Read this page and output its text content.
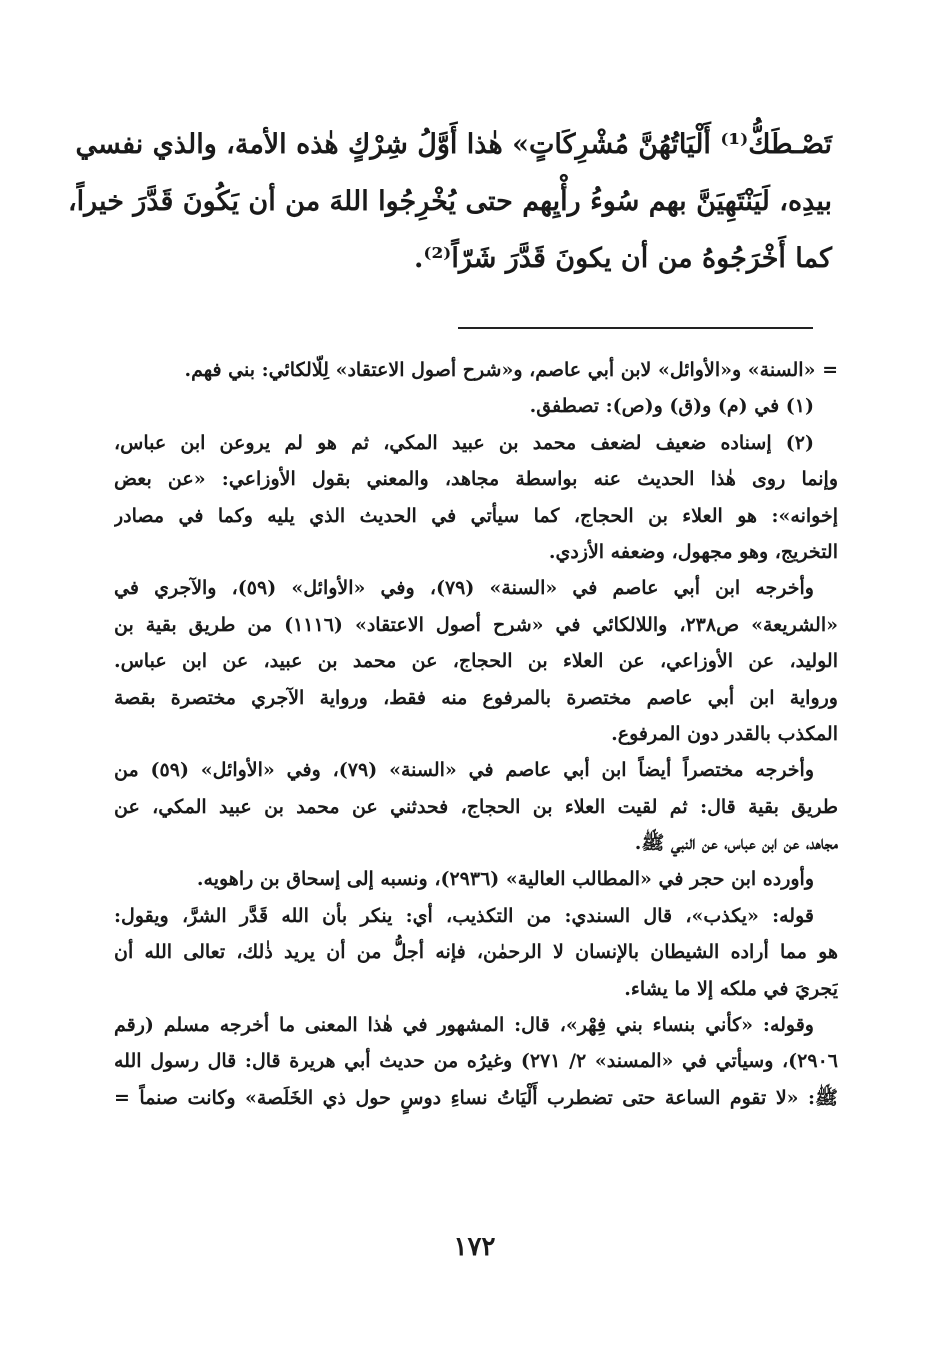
تَصْـطَكُّ⁽¹⁾ أَلْيَاتُهُنَّ مُشْرِكَاتٍ» هٰذا أَوَّلُ شِرْكٍ هٰذه الأمة، والذي نفسي
بيدِه، لَيَنْتَهِيَنَّ بهم سُوءُ رأْيِهم حتى يُخْرِجُوا اللهَ من أن يَكُونَ قَدَّرَ خيراً،
كما أَخْرَجُوهُ من أن يكونَ قَدَّرَ شَرّاً⁽²⁾.
= «السنة» و«الأوائل» لابن أبي عاصم، و«شرح أصول الاعتقاد» لِلّالكائي: بني فهم.
(١) في (م) و(ق) و(ص): تصطفق.
(٢) إسناده ضعيف لضعف محمد بن عبيد المكي، ثم هو لم يروعن ابن عباس،
وإنما روى هٰذا الحديث عنه بواسطة مجاهد، والمعني بقول الأوزاعي: «عن بعض
إخوانه»: هو العلاء بن الحجاج، كما سيأتي في الحديث الذي يليه وكما في مصادر
التخريج، وهو مجهول، وضعفه الأزدي.
وأخرجه ابن أبي عاصم في «السنة» (٧٩)، وفي «الأوائل» (٥٩)، والآجري في
«الشريعة» ص٢٣٨، واللالكائي في «شرح أصول الاعتقاد» (١١١٦) من طريق بقية بن
الوليد، عن الأوزاعي، عن العلاء بن الحجاج، عن محمد بن عبيد، عن ابن عباس.
ورواية ابن أبي عاصم مختصرة بالمرفوع منه فقط، ورواية الآجري مختصرة بقصة
المكذب بالقدر دون المرفوع.
وأخرجه مختصراً أيضاً ابن أبي عاصم في «السنة» (٧٩)، وفي «الأوائل» (٥٩) من
طريق بقية قال: ثم لقيت العلاء بن الحجاج، فحدثني عن محمد بن عبيد المكي، عن
مجاهد، عن ابن عباس، عن النبي ﷺ.
وأورده ابن حجر في «المطالب العالية» (٢٩٣٦)، ونسبه إلى إسحاق بن راهويه.
قوله: «يكذب»، قال السندي: من التكذيب، أي: ينكر بأن الله قَدَّر الشرَّ، ويقول:
هو مما أراده الشيطان بالإنسان لا الرحمٰن، فإنه أجلُّ من أن يريد ذٰلك، تعالى الله أن
يَجريَ في ملكه إلا ما يشاء.
وقوله: «كأني بنساء بني فِهْر»، قال: المشهور في هٰذا المعنى ما أخرجه مسلم (رقم
٢٩٠٦)، وسيأتي في «المسند» ٢/ ٢٧١) وغيرُه من حديث أبي هريرة قال: قال رسول الله
ﷺ: «لا تقوم الساعة حتى تضطرب أَلْيَاتُ نساءِ دوسٍ حول ذي الخَلَصة» وكانت صنماً =
١٧٢
